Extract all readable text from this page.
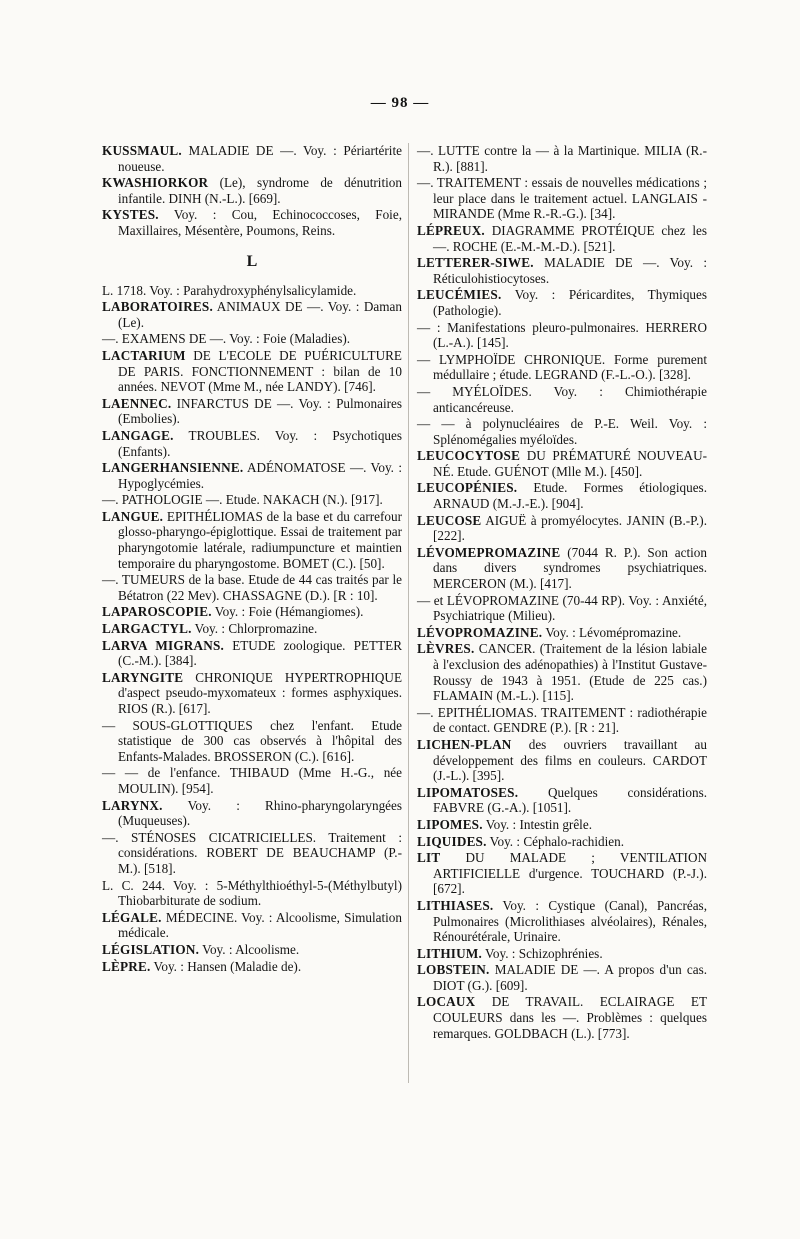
— 98 —

KUSSMAUL. MALADIE DE —. Voy. : Périartérite noueuse.

KWASHIORKOR (Le), syndrome de dénutrition infantile. DINH (N.-L.). [669].

KYSTES. Voy. : Cou, Echinococcoses, Foie, Maxillaires, Mésentère, Poumons, Reins.

L

L. 1718. Voy. : Parahydroxyphénylsalicylamide.

LABORATOIRES. ANIMAUX DE —. Voy. : Daman (Le).

—. EXAMENS DE —. Voy. : Foie (Maladies).

LACTARIUM DE L'ECOLE DE PUÉRICULTURE DE PARIS. FONCTIONNEMENT : bilan de 10 années. NEVOT (Mme M., née LANDY). [746].

LAENNEC. INFARCTUS DE —. Voy. : Pulmonaires (Embolies).

LANGAGE. TROUBLES. Voy. : Psychotiques (Enfants).

LANGERHANSIENNE. ADÉNOMATOSE —. Voy. : Hypoglycémies.

—. PATHOLOGIE —. Etude. NAKACH (N.). [917].

LANGUE. EPITHÉLIOMAS de la base et du carrefour glosso-pharyngo-épiglottique. Essai de traitement par pharyngotomie latérale, radiumpuncture et maintien temporaire du pharyngostome. BOMET (C.). [50].

—. TUMEURS de la base. Etude de 44 cas traités par le Bétatron (22 Mev). CHASSAGNE (D.). [R : 10].

LAPAROSCOPIE. Voy. : Foie (Hémangiomes).

LARGACTYL. Voy. : Chlorpromazine.

LARVA MIGRANS. ETUDE zoologique. PETTER (C.-M.). [384].

LARYNGITE CHRONIQUE HYPERTROPHIQUE d'aspect pseudo-myxomateux : formes asphyxiques. RIOS (R.). [617].

— SOUS-GLOTTIQUES chez l'enfant. Etude statistique de 300 cas observés à l'hôpital des Enfants-Malades. BROSSERON (C.). [616].

— — de l'enfance. THIBAUD (Mme H.-G., née MOULIN). [954].

LARYNX. Voy. : Rhino-pharyngolaryngées (Muqueuses).

—. STÉNOSES CICATRICIELLES. Traitement : considérations. ROBERT DE BEAUCHAMP (P.-M.). [518].

L. C. 244. Voy. : 5-Méthylthioéthyl-5-(Méthylbutyl) Thiobarbiturate de sodium.

LÉGALE. MÉDECINE. Voy. : Alcoolisme, Simulation médicale.

LÉGISLATION. Voy. : Alcoolisme.

LÈPRE. Voy. : Hansen (Maladie de).

—. LUTTE contre la — à la Martinique. MILIA (R.-R.). [881].

—. TRAITEMENT : essais de nouvelles médications ; leur place dans le traitement actuel. LANGLAIS - MIRANDE (Mme R.-R.-G.). [34].

LÉPREUX. DIAGRAMME PROTÉIQUE chez les —. ROCHE (E.-M.-M.-D.). [521].

LETTERER-SIWE. MALADIE DE —. Voy. : Réticulohistiocytoses.

LEUCÉMIES. Voy. : Péricardites, Thymiques (Pathologie).

— : Manifestations pleuro-pulmonaires. HERRERO (L.-A.). [145].

— LYMPHOÏDE CHRONIQUE. Forme purement médullaire ; étude. LEGRAND (F.-L.-O.). [328].

— MYÉLOÏDES. Voy. : Chimiothérapie anticancéreuse.

— — à polynucléaires de P.-E. Weil. Voy. : Splénomégalies myéloïdes.

LEUCOCYTOSE DU PRÉMATURÉ NOUVEAU-NÉ. Etude. GUÉNOT (Mlle M.). [450].

LEUCOPÉNIES. Etude. Formes étiologiques. ARNAUD (M.-J.-E.). [904].

LEUCOSE AIGUË à promyélocytes. JANIN (B.-P.). [222].

LÉVOMEPROMAZINE (7044 R. P.). Son action dans divers syndromes psychiatriques. MERCERON (M.). [417].

— et LÉVOPROMAZINE (70-44 RP). Voy. : Anxiété, Psychiatrique (Milieu).

LÉVOPROMAZINE. Voy. : Lévomépromazine.

LÈVRES. CANCER. (Traitement de la lésion labiale à l'exclusion des adénopathies) à l'Institut Gustave-Roussy de 1943 à 1951. (Etude de 225 cas.) FLAMAIN (M.-L.). [115].

—. EPITHÉLIOMAS. TRAITEMENT : radiothérapie de contact. GENDRE (P.). [R : 21].

LICHEN-PLAN des ouvriers travaillant au développement des films en couleurs. CARDOT (J.-L.). [395].

LIPOMATOSES. Quelques considérations. FABVRE (G.-A.). [1051].

LIPOMES. Voy. : Intestin grêle.

LIQUIDES. Voy. : Céphalo-rachidien.

LIT DU MALADE ; VENTILATION ARTIFICIELLE d'urgence. TOUCHARD (P.-J.). [672].

LITHIASES. Voy. : Cystique (Canal), Pancréas, Pulmonaires (Microlithiases alvéolaires), Rénales, Rénourétérale, Urinaire.

LITHIUM. Voy. : Schizophrénies.

LOBSTEIN. MALADIE DE —. A propos d'un cas. DIOT (G.). [609].

LOCAUX DE TRAVAIL. ECLAIRAGE ET COULEURS dans les —. Problèmes : quelques remarques. GOLDBACH (L.). [773].
